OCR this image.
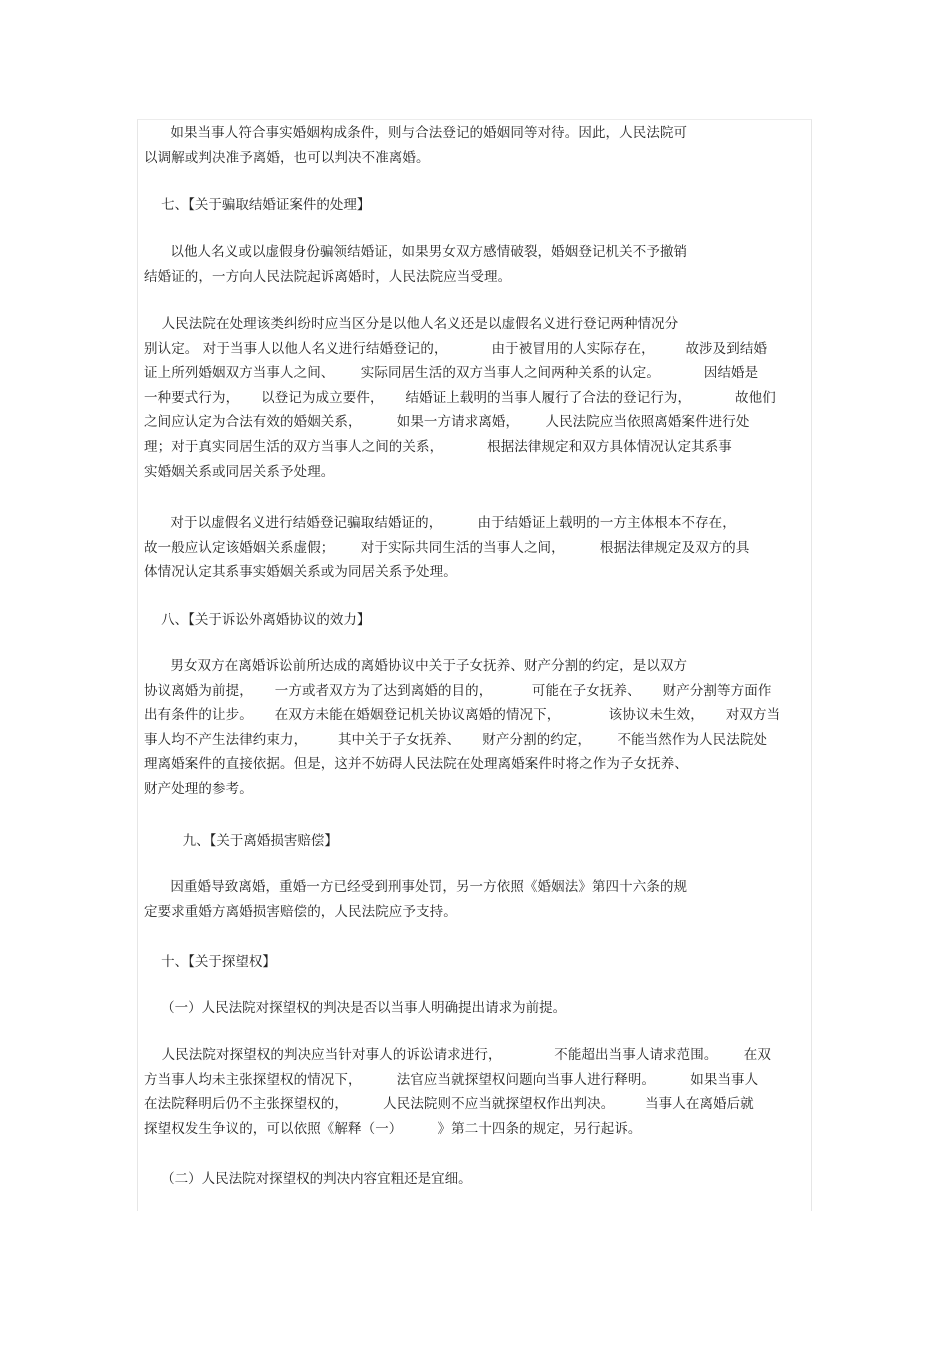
如果当事人符合事实婚姻构成条件，则与合法登记的婚姻同等对待。因此，人民法院可
以调解或判决准予离婚，也可以判决不准离婚。

七、【关于骗取结婚证案件的处理】

以他人名义或以虚假身份骗领结婚证，如果男女双方感情破裂，婚姻登记机关不予撤销
结婚证的，一方向人民法院起诉离婚时，人民法院应当受理。

人民法院在处理该类纠纷时应当区分是以他人名义还是以虚假名义进行登记两种情况分
别认定。 对于当事人以他人名义进行结婚登记的，          由于被冒用的人实际存在，       故涉及到结婚
证上所列婚姻双方当事人之间、      实际同居生活的双方当事人之间两种关系的认定。          因结婚是
一种要式行为，     以登记为成立要件，     结婚证上载明的当事人履行了合法的登记行为，          故他们
之间应认定为合法有效的婚姻关系，        如果一方请求离婚，      人民法院应当依照离婚案件进行处
理；对于真实同居生活的双方当事人之间的关系，          根据法律规定和双方具体情况认定其系事
实婚姻关系或同居关系予处理。

对于以虚假名义进行结婚登记骗取结婚证的，        由于结婚证上载明的一方主体根本不存在，
故一般应认定该婚姻关系虚假；      对于实际共同生活的当事人之间，        根据法律规定及双方的具
体情况认定其系事实婚姻关系或为同居关系予处理。

八、【关于诉讼外离婚协议的效力】

男女双方在离婚诉讼前所达成的离婚协议中关于子女抚养、财产分割的约定，是以双方
协议离婚为前提，     一方或者双方为了达到离婚的目的，         可能在子女抚养、     财产分割等方面作
出有条件的让步。     在双方未能在婚姻登记机关协议离婚的情况下，           该协议未生效，     对双方当
事人均不产生法律约束力，       其中关于子女抚养、     财产分割的约定，      不能当然作为人民法院处
理离婚案件的直接依据。但是，这并不妨碍人民法院在处理离婚案件时将之作为子女抚养、
财产处理的参考。

九、【关于离婚损害赔偿】

因重婚导致离婚，重婚一方已经受到刑事处罚，另一方依照《婚姻法》第四十六条的规
定要求重婚方离婚损害赔偿的，人民法院应予支持。

十、【关于探望权】

（一）人民法院对探望权的判决是否以当事人明确提出请求为前提。

人民法院对探望权的判决应当针对事人的诉讼请求进行，            不能超出当事人请求范围。      在双
方当事人均未主张探望权的情况下，        法官应当就探望权问题向当事人进行释明。        如果当事人
在法院释明后仍不主张探望权的，        人民法院则不应当就探望权作出判决。       当事人在离婚后就
探望权发生争议的，可以依照《解释（一）        》第二十四条的规定，另行起诉。

（二）人民法院对探望权的判决内容宜粗还是宜细。
